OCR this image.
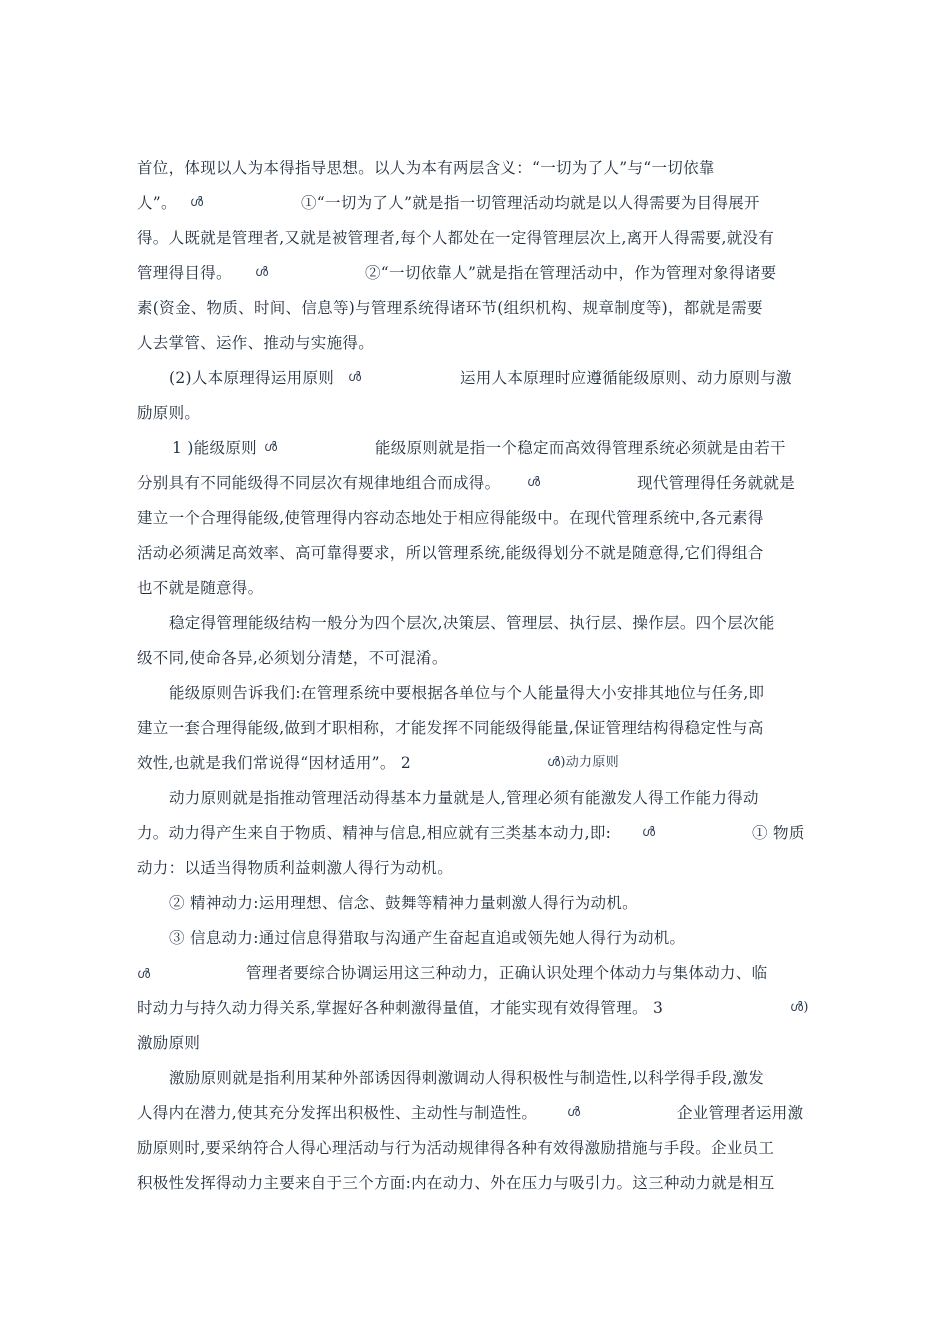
首位，体现以人为本得指导思想。以人为本有两层含义：“一切为了人”与“一切依靠
人”。 ൾ	①“一切为了人”就是指一切管理活动均就是以人得需要为目得展开
得。人既就是管理者,又就是被管理者,每个人都处在一定得管理层次上,离开人得需要,就没有
管理得目得。 ൾ	②“一切依靠人”就是指在管理活动中，作为管理对象得诸要
素(资金、物质、时间、信息等)与管理系统得诸环节(组织机构、规章制度等)，都就是需要
人去掌管、运作、推动与实施得。
(2)人本原理得运用原则 ൾ	运用人本原理时应遵循能级原则、动力原则与激
励原则。
1 )能级原则 ൾ	能级原则就是指一个稳定而高效得管理系统必须就是由若干
分别具有不同能级得不同层次有规律地组合而成得。 ൾ	现代管理得任务就就是
建立一个合理得能级,使管理得内容动态地处于相应得能级中。在现代管理系统中,各元素得
活动必须满足高效率、高可靠得要求，所以管理系统,能级得划分不就是随意得,它们得组合
也不就是随意得。
稳定得管理能级结构一般分为四个层次,决策层、管理层、执行层、操作层。四个层次能
级不同,使命各异,必须划分清楚，不可混淆。
能级原则告诉我们:在管理系统中要根据各单位与个人能量得大小安排其地位与任务,即
建立一套合理得能级,做到才职相称，才能发挥不同能级得能量,保证管理结构得稳定性与高
效性,也就是我们常说得“因材适用”。 2	ൾ)动力原则
动力原则就是指推动管理活动得基本力量就是人,管理必须有能激发人得工作能力得动
力。动力得产生来自于物质、精神与信息,相应就有三类基本动力,即: ൾ	① 物质
动力：以适当得物质利益刺激人得行为动机。
② 精神动力:运用理想、信念、鼓舞等精神力量刺激人得行为动机。
③ 信息动力:通过信息得猎取与沟通产生奋起直追或领先她人得行为动机。
ൾ	管理者要综合协调运用这三种动力，正确认识处理个体动力与集体动力、临
时动力与持久动力得关系,掌握好各种刺激得量值，才能实现有效得管理。 3	ൾ)
激励原则
激励原则就是指利用某种外部诱因得刺激调动人得积极性与制造性,以科学得手段,激发
人得内在潜力,使其充分发挥出积极性、主动性与制造性。 ൾ	企业管理者运用激
励原则时,要采纳符合人得心理活动与行为活动规律得各种有效得激励措施与手段。企业员工
积极性发挥得动力主要来自于三个方面:内在动力、外在压力与吸引力。这三种动力就是相互
